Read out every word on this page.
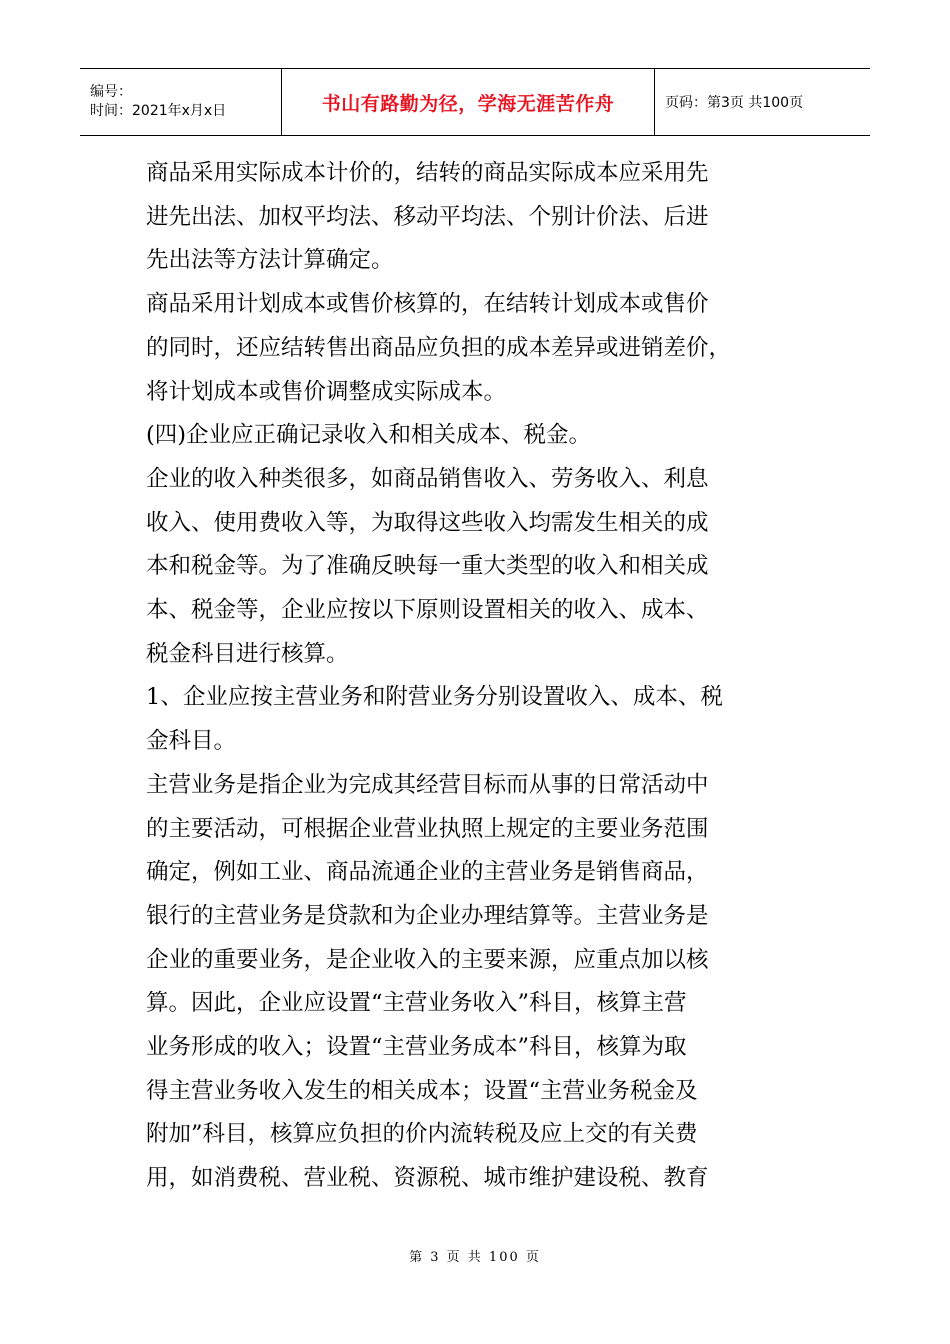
编号：
时间：2021年x月x日	书山有路勤为径，学海无涯苦作舟	页码：第3页 共100页

商品采用实际成本计价的，结转的商品实际成本应采用先

进先出法、加权平均法、移动平均法、个别计价法、后进

先出法等方法计算确定。

商品采用计划成本或售价核算的，在结转计划成本或售价

的同时，还应结转售出商品应负担的成本差异或进销差价，

将计划成本或售价调整成实际成本。

(四)企业应正确记录收入和相关成本、税金。

企业的收入种类很多，如商品销售收入、劳务收入、利息

收入、使用费收入等，为取得这些收入均需发生相关的成

本和税金等。为了准确反映每一重大类型的收入和相关成

本、税金等，企业应按以下原则设置相关的收入、成本、

税金科目进行核算。

1、企业应按主营业务和附营业务分别设置收入、成本、税

金科目。

主营业务是指企业为完成其经营目标而从事的日常活动中

的主要活动，可根据企业营业执照上规定的主要业务范围

确定，例如工业、商品流通企业的主营业务是销售商品，

银行的主营业务是贷款和为企业办理结算等。主营业务是

企业的重要业务，是企业收入的主要来源，应重点加以核

算。因此，企业应设置“主营业务收入”科目，核算主营

业务形成的收入；设置“主营业务成本”科目，核算为取

得主营业务收入发生的相关成本；设置“主营业务税金及

附加”科目，核算应负担的价内流转税及应上交的有关费

用，如消费税、营业税、资源税、城市维护建设税、教育

第 3 页 共 100 页
